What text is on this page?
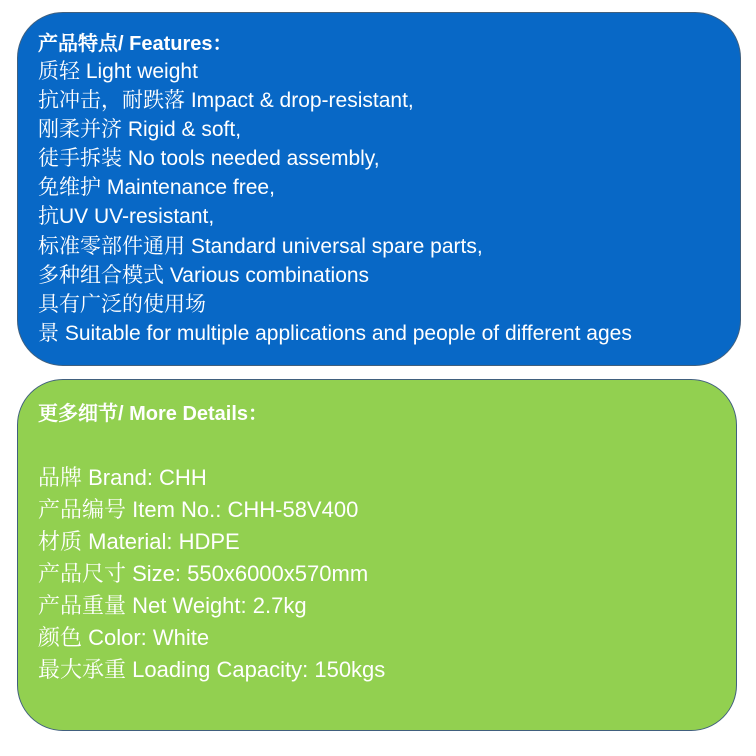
产品特点/ Features：
质轻 Light weight
抗冲击，耐跌落 Impact & drop-resistant,
刚柔并济 Rigid & soft,
徒手拆装 No tools needed assembly,
免维护 Maintenance free,
抗UV UV-resistant,
标准零部件通用 Standard universal spare parts,
多种组合模式 Various combinations
具有广泛的使用场
景 Suitable for multiple applications and people of different ages
更多细节/ More Details：
品牌 Brand: CHH
产品编号 Item No.: CHH-58V400
材质 Material: HDPE
产品尺寸 Size: 550x6000x570mm
产品重量 Net Weight: 2.7kg
颜色 Color: White
最大承重 Loading Capacity: 150kgs
